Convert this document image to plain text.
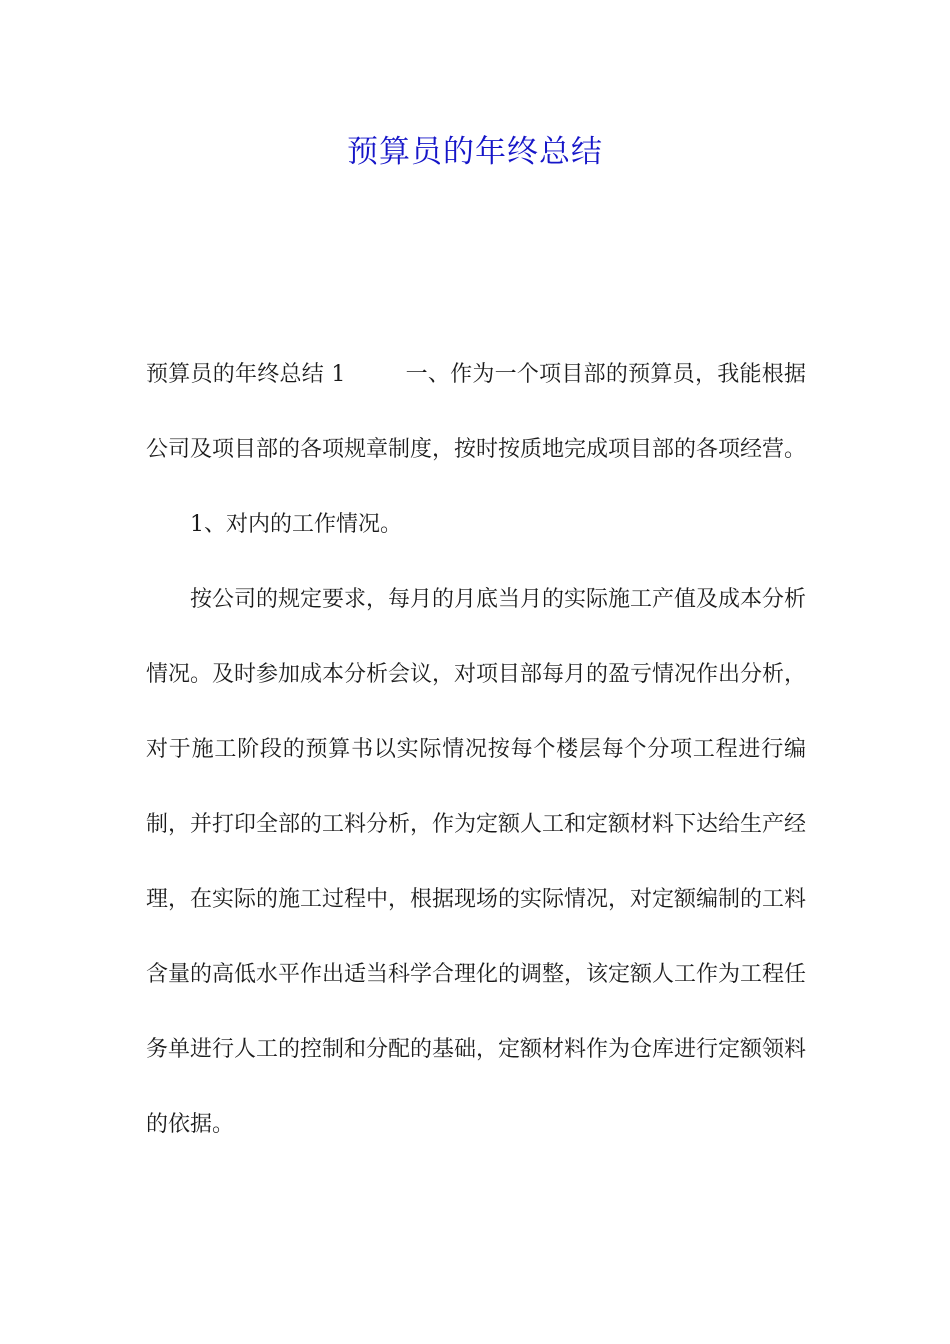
预算员的年终总结

预算员的年终总结 1	一、作为一个项目部的预算员，我能根据公司及项目部的各项规章制度，按时按质地完成项目部的各项经营。

1、对内的工作情况。

按公司的规定要求，每月的月底当月的实际施工产值及成本分析情况。及时参加成本分析会议，对项目部每月的盈亏情况作出分析，对于施工阶段的预算书以实际情况按每个楼层每个分项工程进行编制，并打印全部的工料分析，作为定额人工和定额材料下达给生产经理，在实际的施工过程中，根据现场的实际情况，对定额编制的工料含量的高低水平作出适当科学合理化的调整，该定额人工作为工程任务单进行人工的控制和分配的基础，定额材料作为仓库进行定额领料的依据。
